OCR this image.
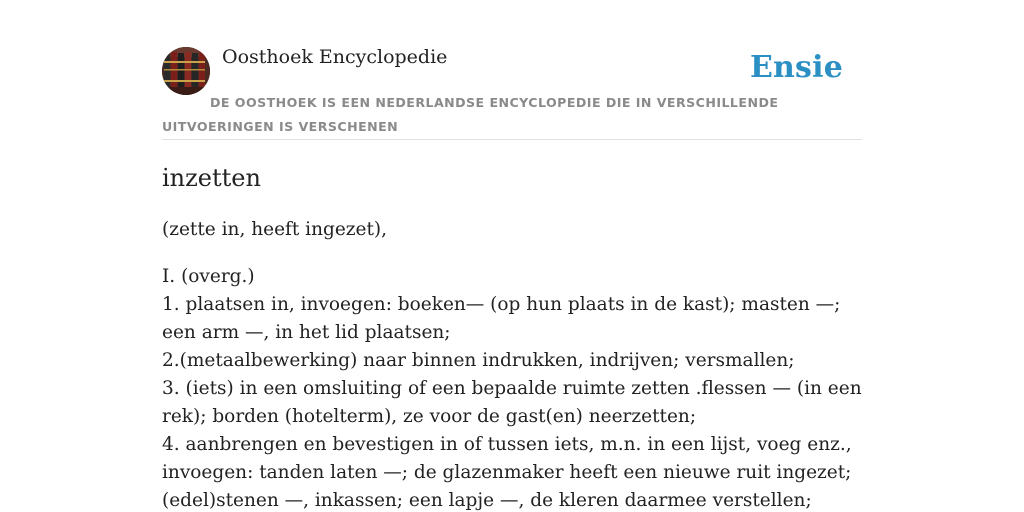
Oosthoek Encyclopedie	Ensie
DE OOSTHOEK IS EEN NEDERLANDSE ENCYCLOPEDIE DIE IN VERSCHILLENDE UITVOERINGEN IS VERSCHENEN
inzetten

(zette in, heeft ingezet),

I. (overg.)
1. plaatsen in, invoegen: boeken— (op hun plaats in de kast); masten —; een arm —, in het lid plaatsen;
2.(metaalbewerking) naar binnen indrukken, indrijven; versmallen;
3. (iets) in een omsluiting of een bepaalde ruimte zetten .flessen — (in een rek); borden (hotelterm), ze voor de gast(en) neerzetten;
4. aanbrengen en bevestigen in of tussen iets, m.n. in een lijst, voeg enz., invoegen: tanden laten —; de glazenmaker heeft een nieuwe ruit ingezet; (edel)stenen —, inkassen; een lapje —, de kleren daarmee verstellen;
